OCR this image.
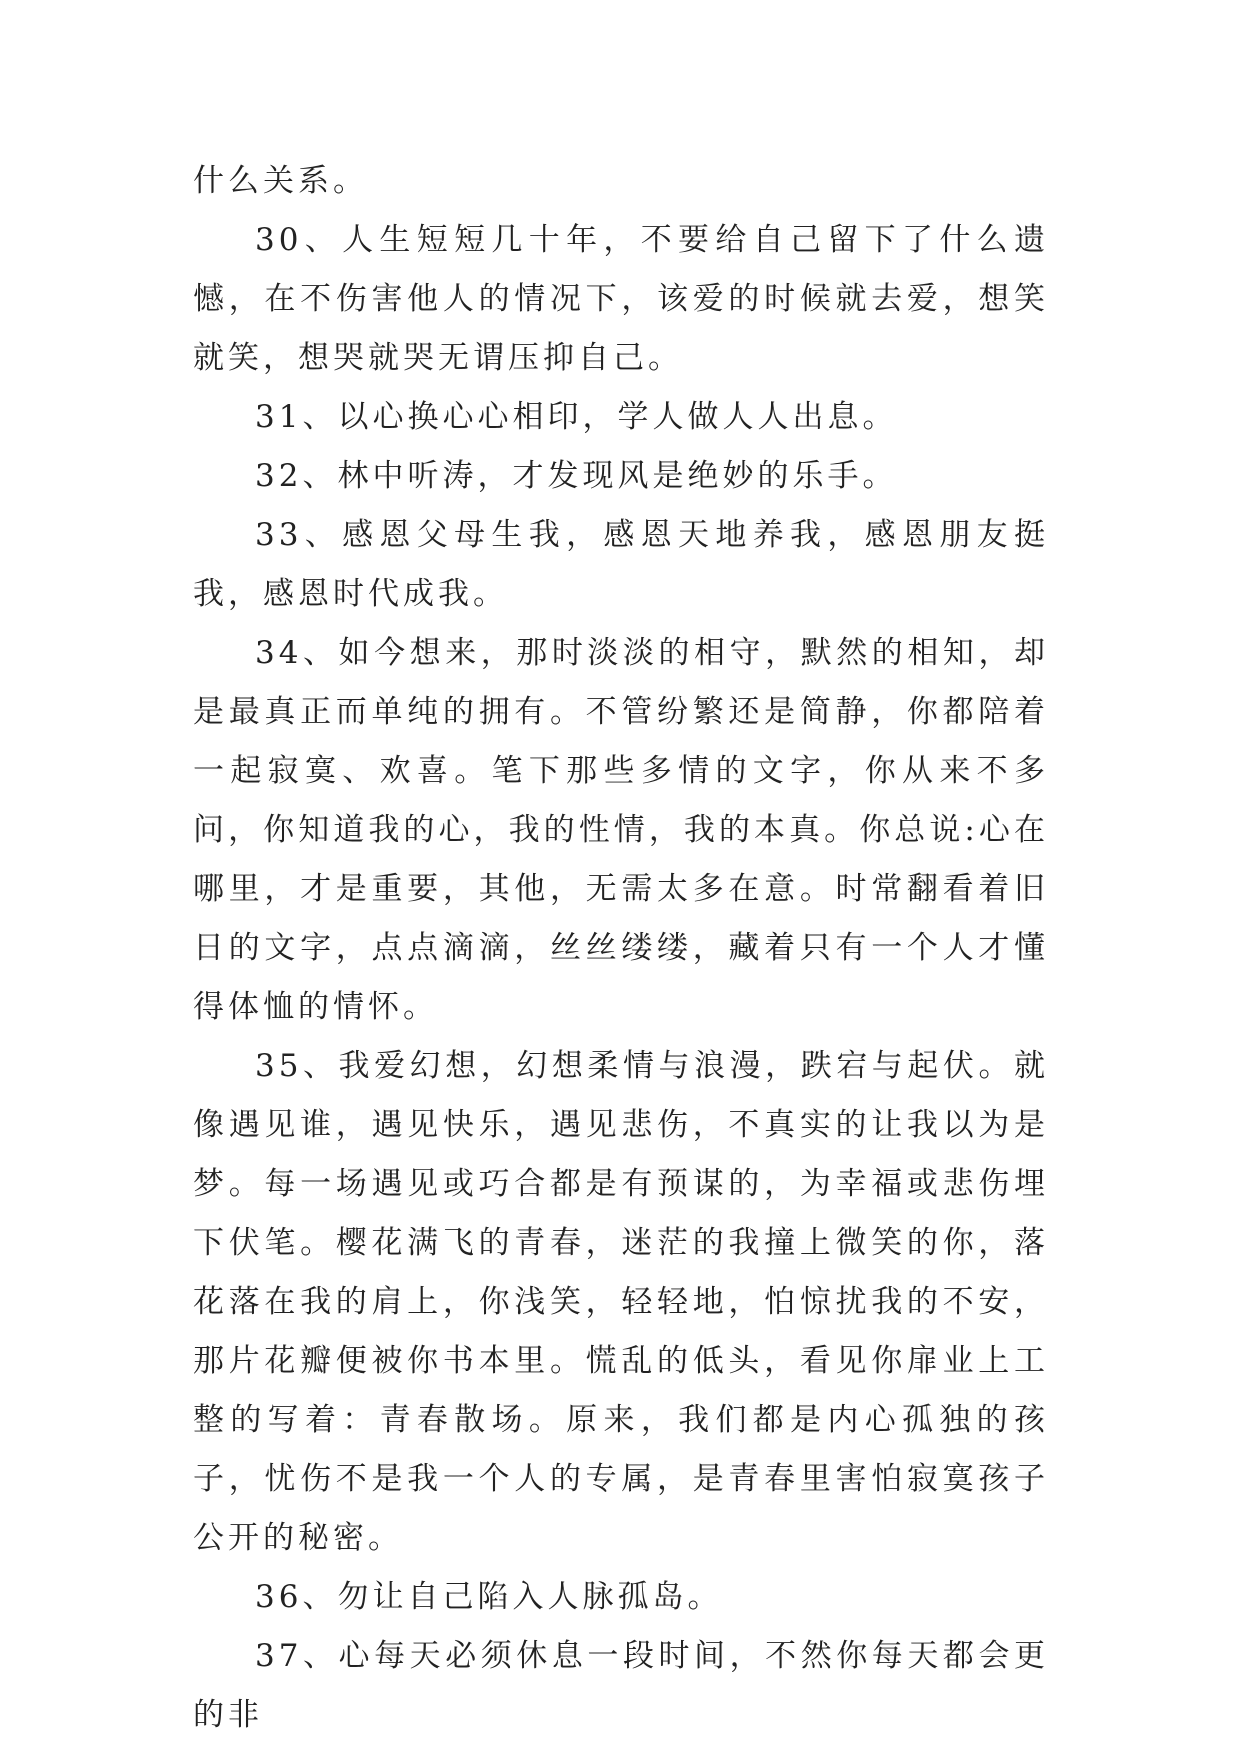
什么关系。

30、人生短短几十年，不要给自己留下了什么遗憾，在不伤害他人的情况下，该爱的时候就去爱，想笑就笑，想哭就哭无谓压抑自己。

31、以心换心心相印，学人做人人出息。

32、林中听涛，才发现风是绝妙的乐手。

33、感恩父母生我，感恩天地养我，感恩朋友挺我，感恩时代成我。

34、如今想来，那时淡淡的相守，默然的相知，却是最真正而单纯的拥有。不管纷繁还是简静，你都陪着一起寂寞、欢喜。笔下那些多情的文字，你从来不多问，你知道我的心，我的性情，我的本真。你总说:心在哪里，才是重要，其他，无需太多在意。时常翻看着旧日的文字，点点滴滴，丝丝缕缕，藏着只有一个人才懂得体恤的情怀。

35、我爱幻想，幻想柔情与浪漫，跌宕与起伏。就像遇见谁，遇见快乐，遇见悲伤，不真实的让我以为是梦。每一场遇见或巧合都是有预谋的，为幸福或悲伤埋下伏笔。樱花满飞的青春，迷茫的我撞上微笑的你，落花落在我的肩上，你浅笑，轻轻地，怕惊扰我的不安，那片花瓣便被你书本里。慌乱的低头，看见你扉业上工整的写着：青春散场。原来，我们都是内心孤独的孩子，忧伤不是我一个人的专属，是青春里害怕寂寞孩子公开的秘密。

36、勿让自己陷入人脉孤岛。

37、心每天必须休息一段时间，不然你每天都会更的非
